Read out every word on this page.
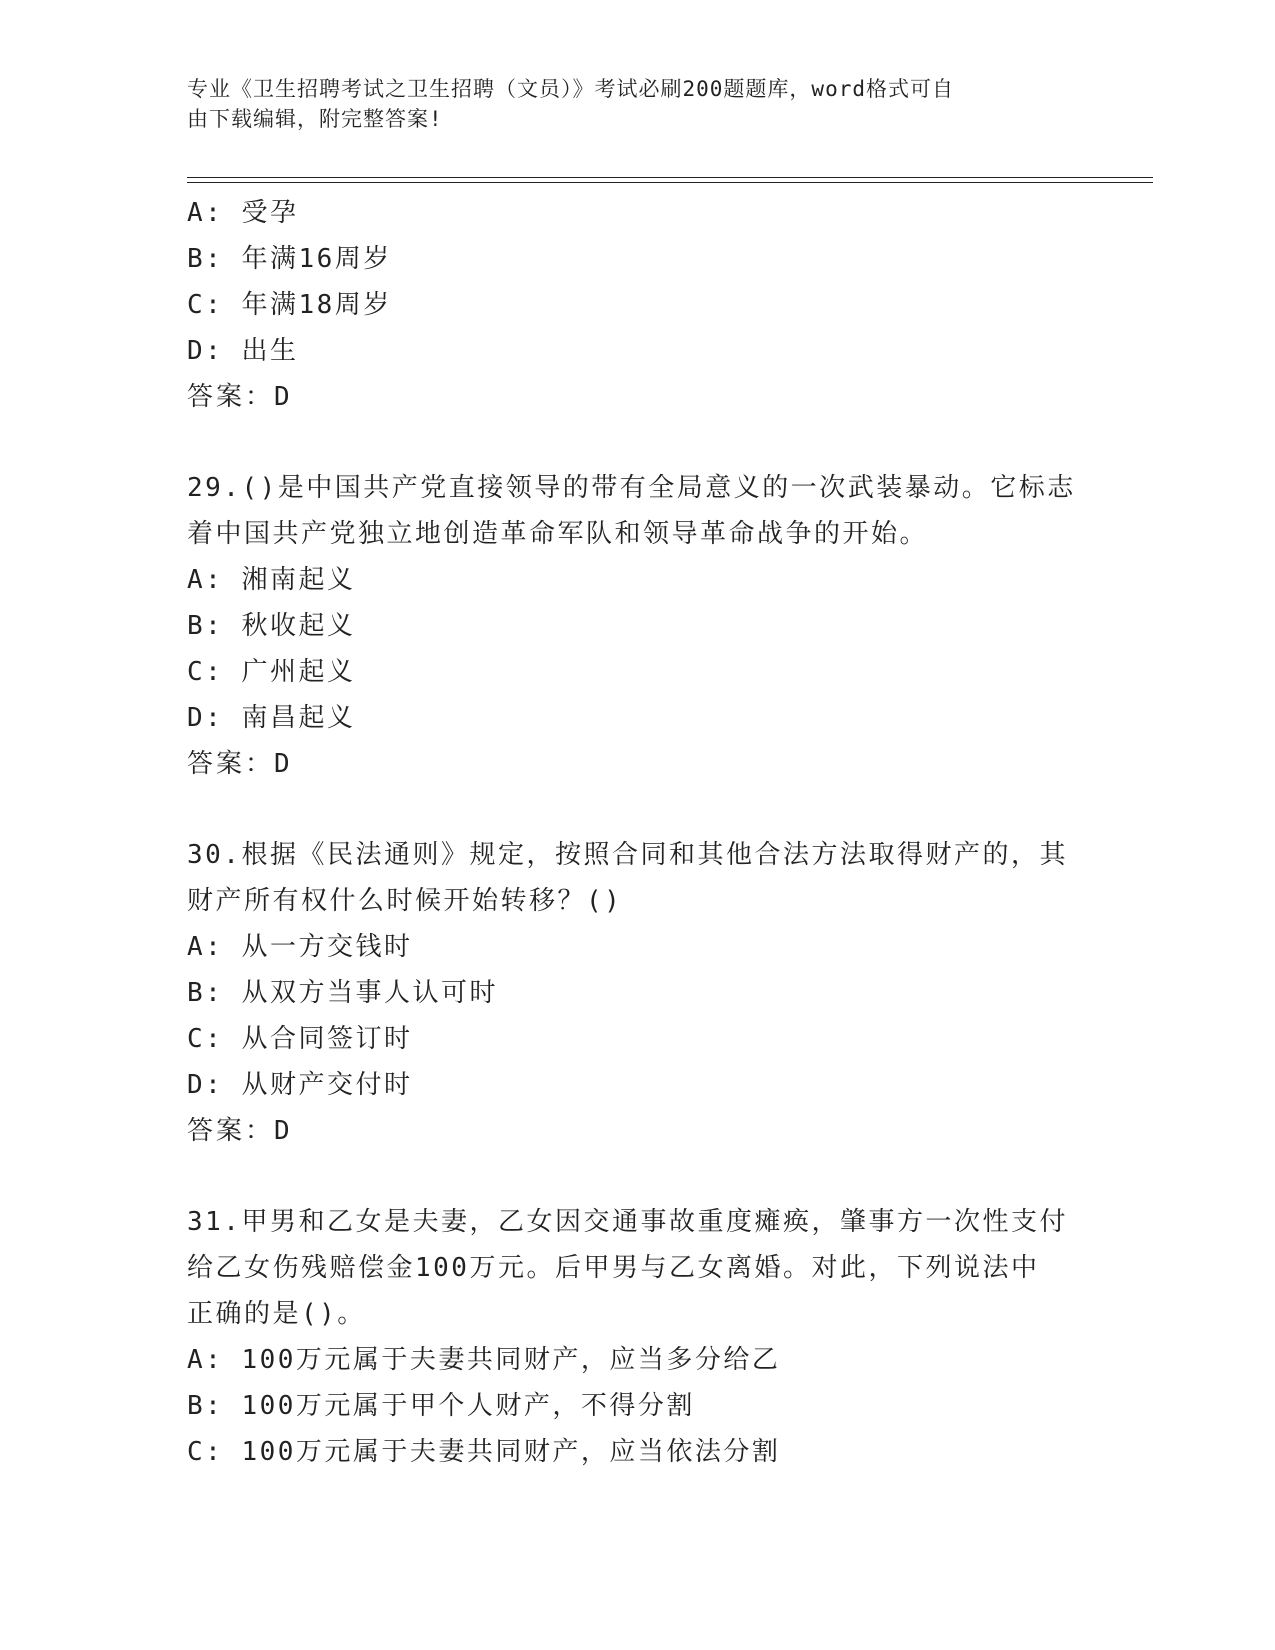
专业《卫生招聘考试之卫生招聘（文员）》考试必刷200题题库，word格式可自
由下载编辑，附完整答案!
A: 受孕
B: 年满16周岁
C: 年满18周岁
D: 出生
答案：D
29.()是中国共产党直接领导的带有全局意义的一次武装暴动。它标志
着中国共产党独立地创造革命军队和领导革命战争的开始。
A: 湘南起义
B: 秋收起义
C: 广州起义
D: 南昌起义
答案：D
30.根据《民法通则》规定，按照合同和其他合法方法取得财产的，其
财产所有权什么时候开始转移？()
A: 从一方交钱时
B: 从双方当事人认可时
C: 从合同签订时
D: 从财产交付时
答案：D
31.甲男和乙女是夫妻，乙女因交通事故重度瘫痪，肇事方一次性支付
给乙女伤残赔偿金100万元。后甲男与乙女离婚。对此，下列说法中
正确的是()。
A: 100万元属于夫妻共同财产，应当多分给乙
B: 100万元属于甲个人财产，不得分割
C: 100万元属于夫妻共同财产，应当依法分割
